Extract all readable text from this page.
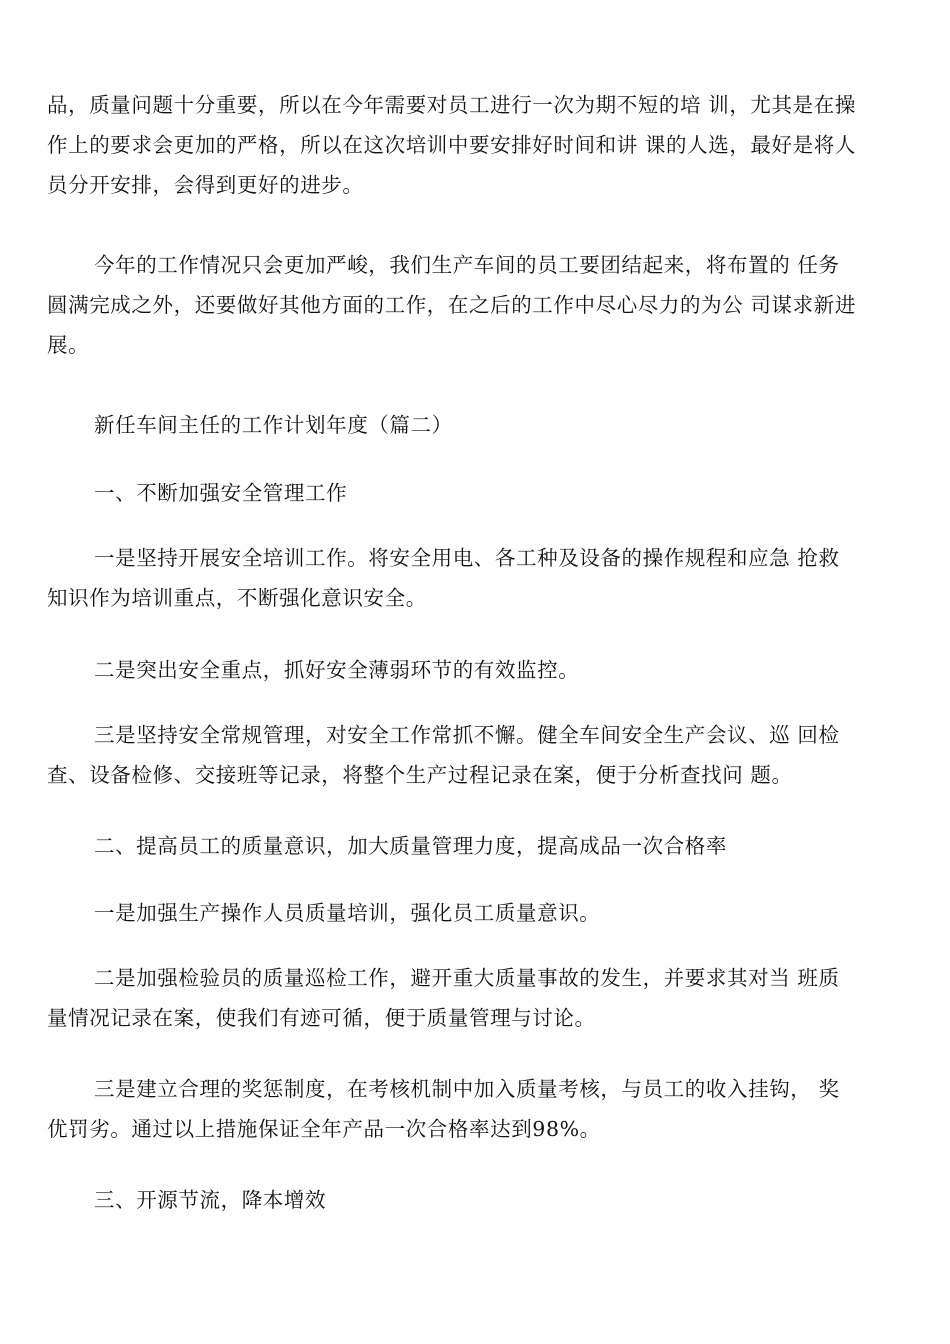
品，质量问题十分重要，所以在今年需要对员工进行一次为期不短的培 训，尤其是在操
作上的要求会更加的严格，所以在这次培训中要安排好时间和讲 课的人选，最好是将人
员分开安排，会得到更好的进步。
今年的工作情况只会更加严峻，我们生产车间的员工要团结起来，将布置的 任务
圆满完成之外，还要做好其他方面的工作，在之后的工作中尽心尽力的为公 司谋求新进
展。
新任车间主任的工作计划年度（篇二）
一、不断加强安全管理工作
一是坚持开展安全培训工作。将安全用电、各工种及设备的操作规程和应急 抢救
知识作为培训重点，不断强化意识安全。
二是突出安全重点，抓好安全薄弱环节的有效监控。
三是坚持安全常规管理，对安全工作常抓不懈。健全车间安全生产会议、巡 回检
查、设备检修、交接班等记录，将整个生产过程记录在案，便于分析查找问 题。
二、提高员工的质量意识，加大质量管理力度，提高成品一次合格率
一是加强生产操作人员质量培训，强化员工质量意识。
二是加强检验员的质量巡检工作，避开重大质量事故的发生，并要求其对当 班质
量情况记录在案，使我们有迹可循，便于质量管理与讨论。
三是建立合理的奖惩制度，在考核机制中加入质量考核，与员工的收入挂钩， 奖
优罚劣。通过以上措施保证全年产品一次合格率达到98%。
三、开源节流，降本增效
